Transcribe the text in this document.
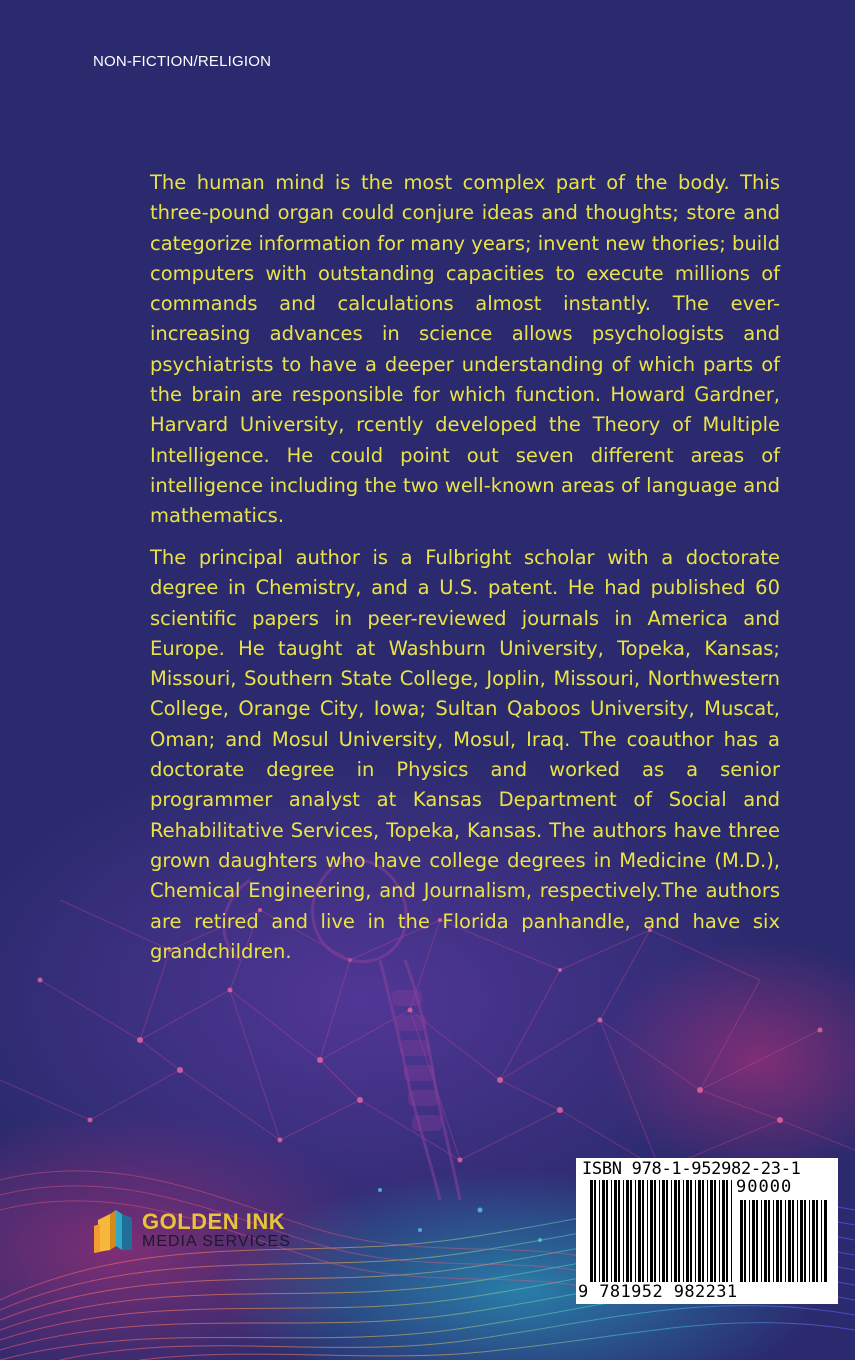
NON-FICTION/RELIGION

The human mind is the most complex part of the body. This three-pound organ could conjure ideas and thoughts; store and categorize information for many years; invent new thories; build computers with outstanding capacities to execute millions of commands and calculations almost instantly. The ever-increasing advances in science allows psychologists and psychiatrists to have a deeper understanding of which parts of the brain are responsible for which function. Howard Gardner, Harvard University, rcently developed the Theory of Multiple Intelligence. He could point out seven different areas of intelligence including the two well-known areas of language and mathematics.

The principal author is a Fulbright scholar with a doctorate degree in Chemistry, and a U.S. patent. He had published 60 scientific papers in peer-reviewed journals in America and Europe. He taught at Washburn University, Topeka, Kansas; Missouri, Southern State College, Joplin, Missouri, Northwestern College, Orange City, Iowa; Sultan Qaboos University, Muscat, Oman; and Mosul University, Mosul, Iraq. The coauthor has a doctorate degree in Physics and worked as a senior programmer analyst at Kansas Department of Social and Rehabilitative Services, Topeka, Kansas. The authors have three grown daughters who have college degrees in Medicine (M.D.), Chemical Engineering, and Journalism, respectively.The authors are retired and live in the Florida panhandle, and have six grandchildren.

GOLDEN INK
MEDIA SERVICES
ISBN 978-1-952982-23-1
90000
9 781952 982231
